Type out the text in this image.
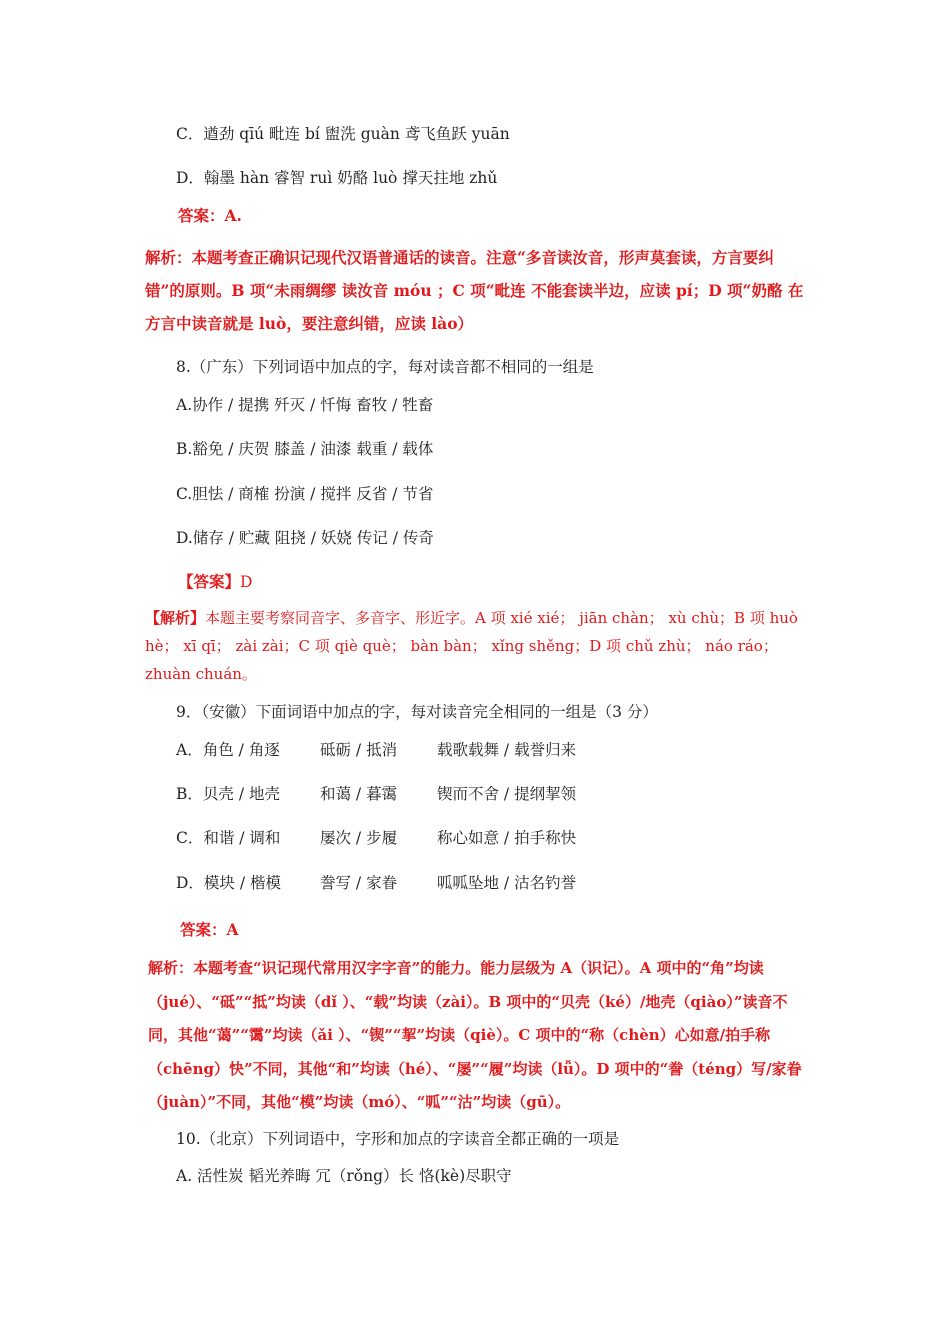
C．遒劲 qīú 毗连 bí 盥洗 guàn 鸢飞鱼跃 yuān
D．翰墨 hàn 睿智 ruì 奶酪 luò 撑天拄地 zhǔ
答案：A.
解析：本题考查正确识记现代汉语普通话的读音。注意“多音读汝音，形声莫套读，方言要纠错”的原则。B 项“未雨绸缪 读汝音 móu ；C 项“毗连 不能套读半边，应读 pí；D 项“奶酪 在方言中读音就是 luò，要注意纠错，应读 lào）
8.（广东）下列词语中加点的字，每对读音都不相同的一组是
A.协作 / 提携 歼灭 / 忏悔 畜牧 / 牲畜
B.豁免 / 庆贺 膝盖 / 油漆 载重 / 载体
C.胆怯 / 商榷 扮演 / 搅拌 反省 / 节省
D.储存 / 贮藏 阻挠 / 妖娆 传记 / 传奇
【答案】D
【解析】本题主要考察同音字、多音字、形近字。A 项 xié xié； jiān chàn； xù chù；B 项 huò hè； xī qī； zài zài；C 项 qiè què； bàn bàn； xǐng shěng；D 项 chǔ zhù； náo ráo； zhuàn chuán。
9．（安徽）下面词语中加点的字，每对读音完全相同的一组是（3 分）
A．角色 / 角逐	砥砺 / 抵消	载歌载舞 / 载誉归来
B．贝壳 / 地壳	和蔼 / 暮霭	锲而不舍 / 提纲挈领
C．和谐 / 调和	屡次 / 步履	称心如意 / 拍手称快
D．模块 / 楷模	誊写 / 家眷	呱呱坠地 / 沽名钓誉
答案：A
解析：本题考查“识记现代常用汉字字音”的能力。能力层级为 A（识记）。A 项中的“角”均读（jué）、“砥”“抵”均读（dǐ ）、“载”均读（zài）。B 项中的“贝壳（ké）/地壳（qiào）”读音不同，其他“蔼”“霭”均读（ǎi ）、“锲”“挈”均读（qiè）。C 项中的“称（chèn）心如意/拍手称（chēng）快”不同，其他“和”均读（hé）、“屡”“履”均读（lǚ）。D 项中的“誊（téng）写/家眷（juàn）”不同，其他“模”均读（mó）、“呱”“沽”均读（gū）。
10.（北京）下列词语中，字形和加点的字读音全都正确的一项是
A. 活性炭 韬光养晦 冗（rǒng）长 恪(kè)尽职守
